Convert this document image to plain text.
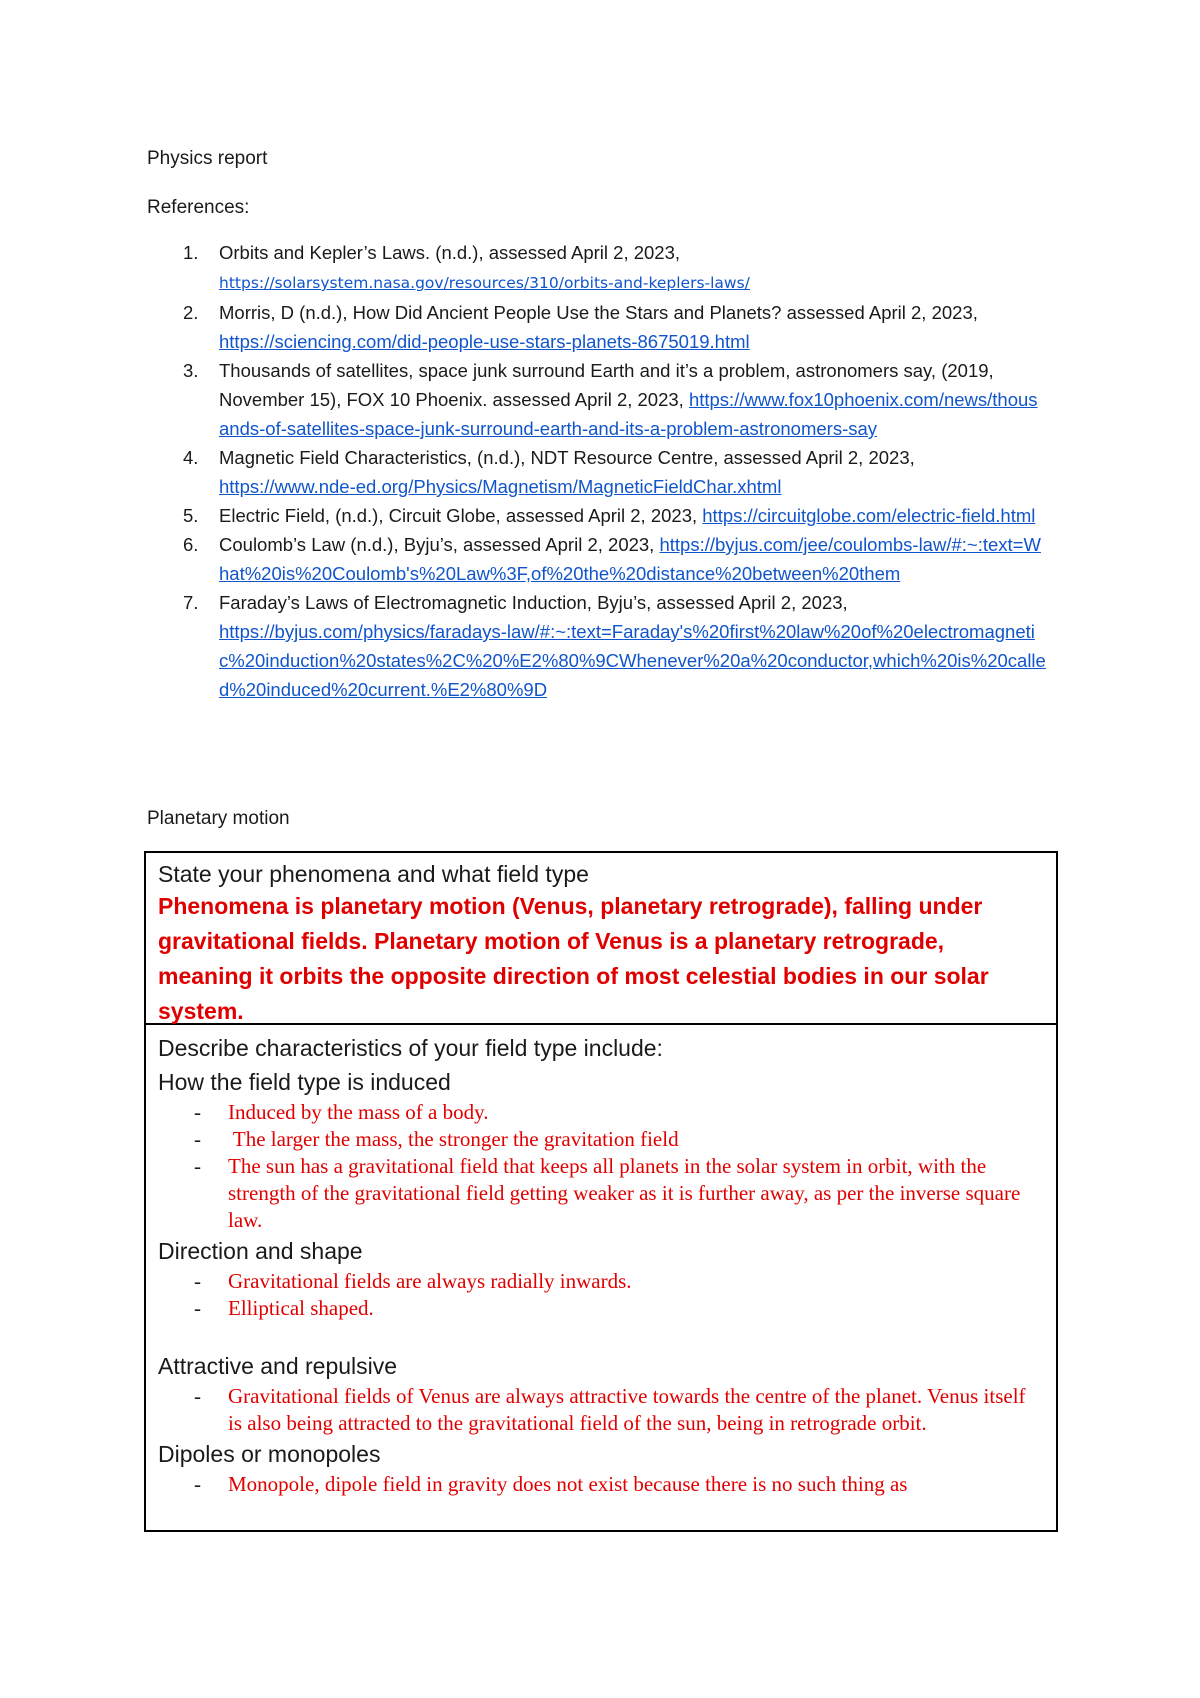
Physics report
References:
1.	Orbits and Kepler’s Laws. (n.d.), assessed April 2, 2023,
https://solarsystem.nasa.gov/resources/310/orbits-and-keplers-laws/
2.	Morris, D (n.d.), How Did Ancient People Use the Stars and Planets? assessed April 2, 2023,
https://sciencing.com/did-people-use-stars-planets-8675019.html
3.	Thousands of satellites, space junk surround Earth and it’s a problem, astronomers say, (2019, November 15), FOX 10 Phoenix. assessed April 2, 2023, https://www.fox10phoenix.com/news/thousands-of-satellites-space-junk-surround-earth-and-its-a-problem-astronomers-say
4.	Magnetic Field Characteristics, (n.d.), NDT Resource Centre, assessed April 2, 2023,
https://www.nde-ed.org/Physics/Magnetism/MagneticFieldChar.xhtml
5.	Electric Field, (n.d.), Circuit Globe, assessed April 2, 2023, https://circuitglobe.com/electric-field.html
6.	Coulomb’s Law (n.d.), Byju’s, assessed April 2, 2023, https://byjus.com/jee/coulombs-law/#:~:text=What%20is%20Coulomb's%20Law%3F,of%20the%20distance%20between%20them
7.	Faraday’s Laws of Electromagnetic Induction, Byju’s, assessed April 2, 2023,
https://byjus.com/physics/faradays-law/#:~:text=Faraday's%20first%20law%20of%20electromagnetic%20induction%20states%2C%20%E2%80%9CWhenever%20a%20conductor,which%20is%20called%20induced%20current.%E2%80%9D
Planetary motion
State your phenomena and what field type
Phenomena is planetary motion (Venus, planetary retrograde), falling under gravitational fields. Planetary motion of Venus is a planetary retrograde, meaning it orbits the opposite direction of most celestial bodies in our solar system.
Describe characteristics of your field type include:
How the field type is induced
-	Induced by the mass of a body.
-	The larger the mass, the stronger the gravitation field
-	The sun has a gravitational field that keeps all planets in the solar system in orbit, with the strength of the gravitational field getting weaker as it is further away, as per the inverse square law.
Direction and shape
-	Gravitational fields are always radially inwards.
-	Elliptical shaped.
Attractive and repulsive
-	Gravitational fields of Venus are always attractive towards the centre of the planet. Venus itself is also being attracted to the gravitational field of the sun, being in retrograde orbit.
Dipoles or monopoles
-	Monopole, dipole field in gravity does not exist because there is no such thing as
